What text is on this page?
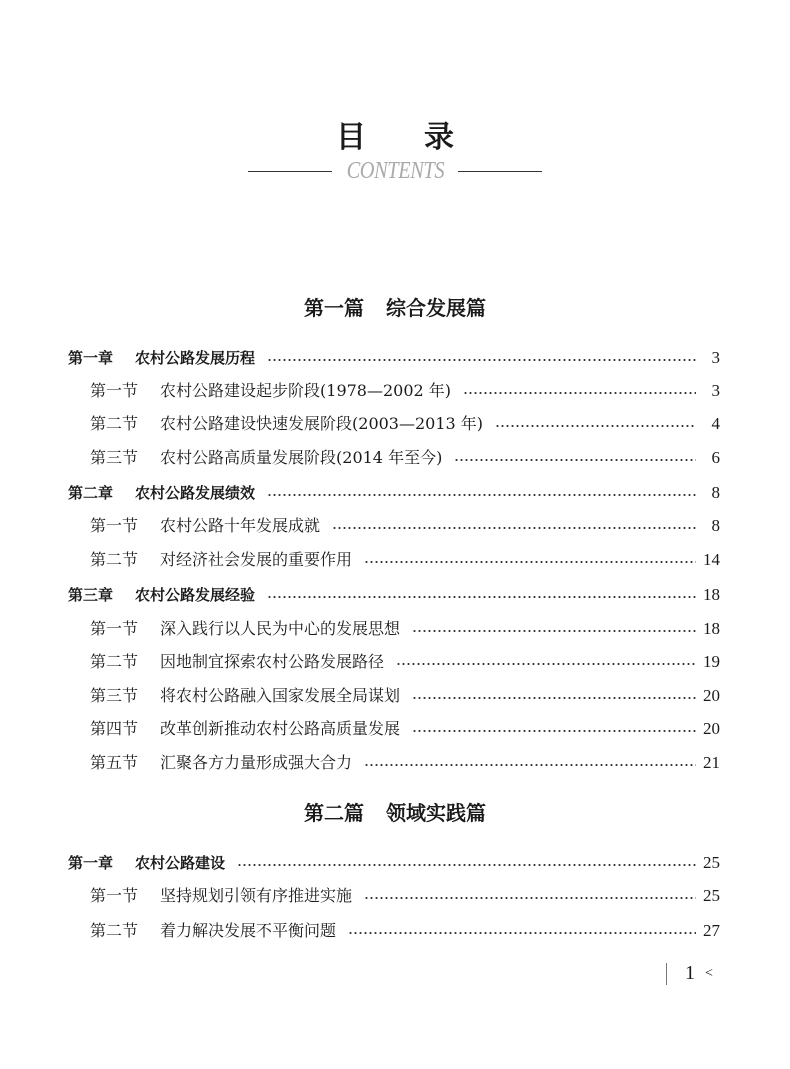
目 录
CONTENTS
第一篇 综合发展篇
第一章 农村公路发展历程	3
第一节 农村公路建设起步阶段(1978—2002 年)	3
第二节 农村公路建设快速发展阶段(2003—2013 年)	4
第三节 农村公路高质量发展阶段(2014 年至今)	6
第二章 农村公路发展绩效	8
第一节 农村公路十年发展成就	8
第二节 对经济社会发展的重要作用	14
第三章 农村公路发展经验	18
第一节 深入践行以人民为中心的发展思想	18
第二节 因地制宜探索农村公路发展路径	19
第三节 将农村公路融入国家发展全局谋划	20
第四节 改革创新推动农村公路高质量发展	20
第五节 汇聚各方力量形成强大合力	21
第二篇 领域实践篇
第一章 农村公路建设	25
第一节 坚持规划引领有序推进实施	25
第二节 着力解决发展不平衡问题	27
1 <
